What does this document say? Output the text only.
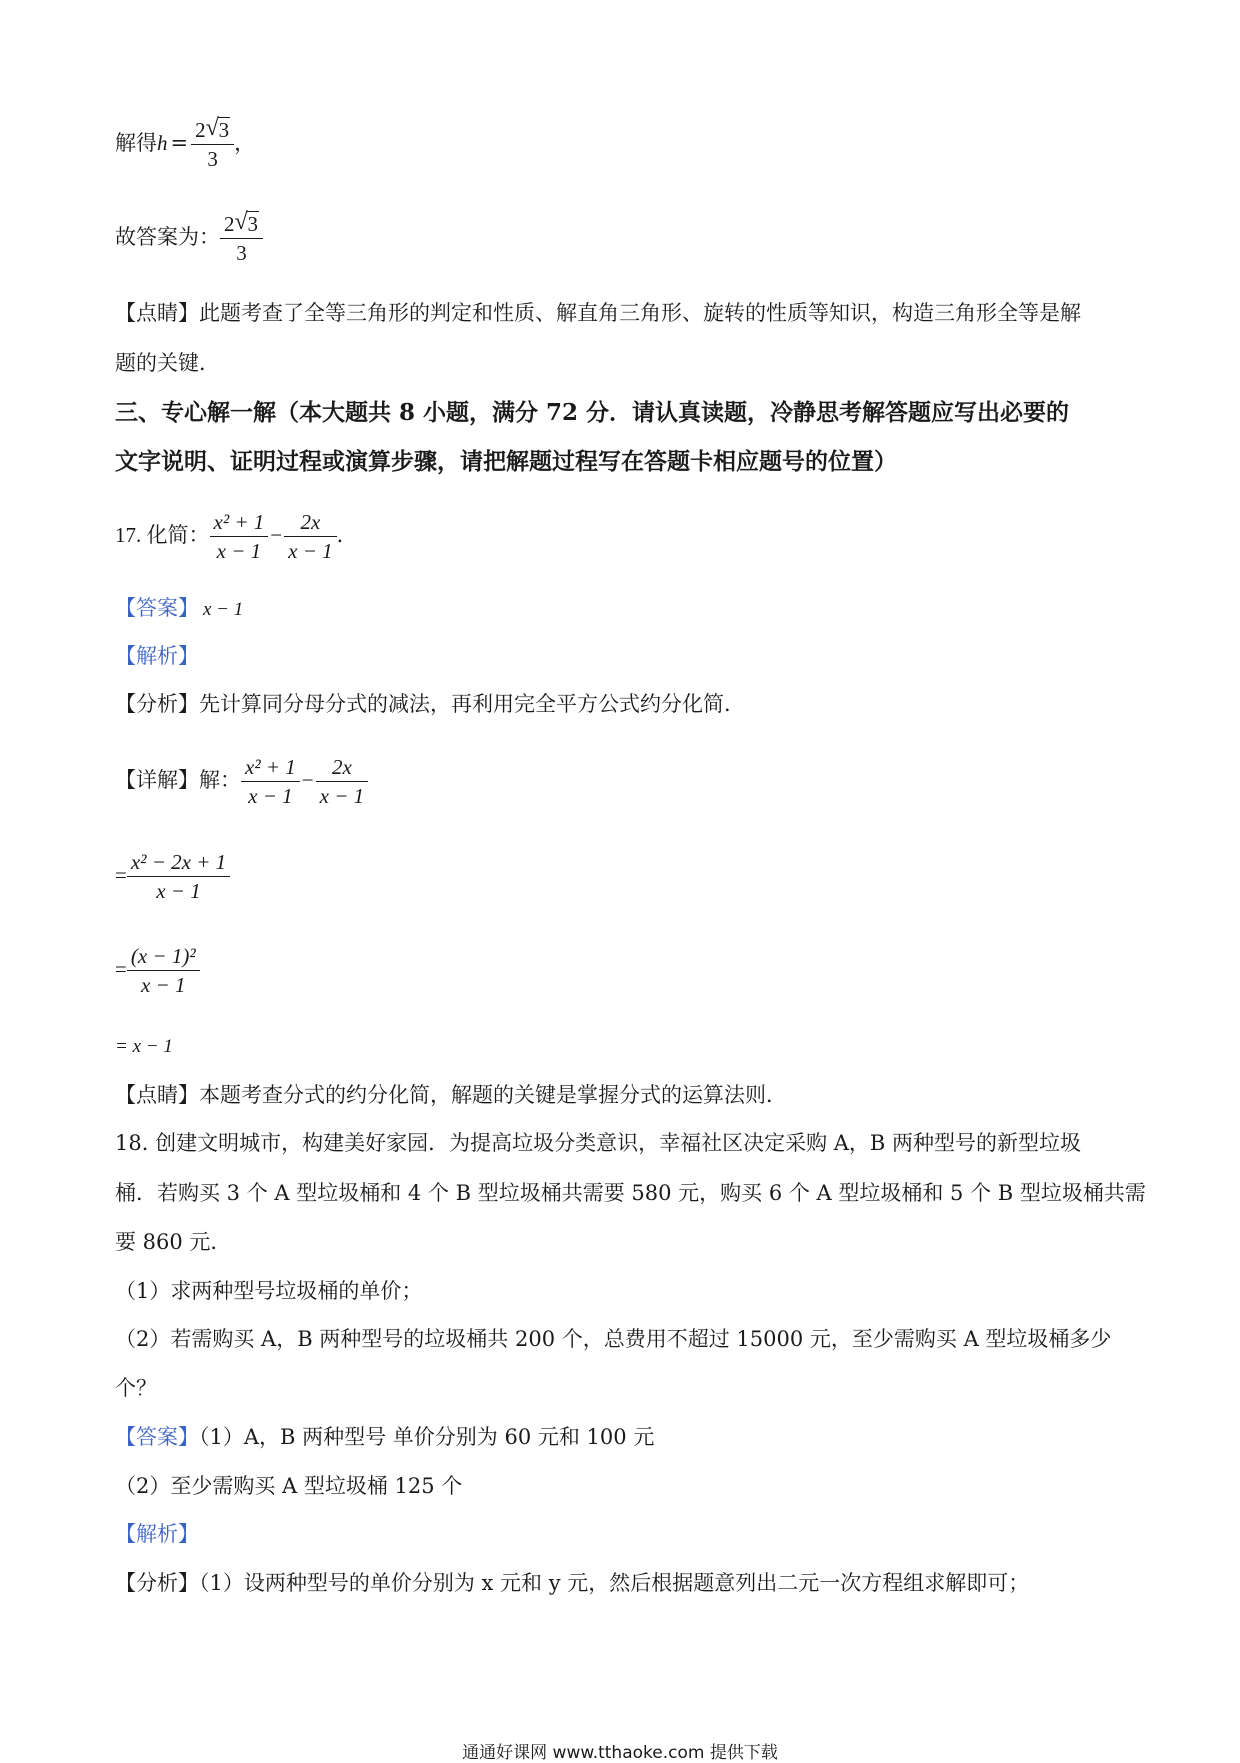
解得$h = \frac{2 √ 3}{3}$ ，
故答案为： $\frac{2 √ 3}{3}$
【点睛】此题考查了全等三角形的判定和性质、解直角三角形、旋转的性质等知识，构造三角形全等是解
题的关键．
三、专心解一解（本大题共 8 小题，满分 72 分．请认真读题，冷静思考解答题应写出必要的
文字说明、证明过程或演算步骤，请把解题过程写在答题卡相应题号的位置）
17. 化简： $\frac{\text{x² + 1}}{x - 1} - \frac{2x}{x - 1}$ ．
【答案】 x − 1
【解析】
【分析】先计算同分母分式的减法，再利用完全平方公式约分化简．
【详解】解： $\frac{\text{x² + 1}}{x - 1} - \frac{2x}{x - 1}$
= $\frac{\text{x² − 2x + 1}}{x - 1}$
= $\frac{\text{(x − 1)²}}{x - 1}$
= x − 1
【点睛】本题考查分式的约分化简，解题的关键是掌握分式的运算法则．
18. 创建文明城市，构建美好家园．为提高垃圾分类意识，幸福社区决定采购 A，B 两种型号的新型垃圾
桶．若购买 3 个 A 型垃圾桶和 4 个 B 型垃圾桶共需要 580 元，购买 6 个 A 型垃圾桶和 5 个 B 型垃圾桶共需
要 860 元．
（1）求两种型号垃圾桶的单价；
（2）若需购买 A，B 两种型号的垃圾桶共 200 个，总费用不超过 15000 元，至少需购买 A 型垃圾桶多少
个？
【答案】（1）A，B 两种型号 单价分别为 60 元和 100 元
（2）至少需购买 A 型垃圾桶 125 个
【解析】
【分析】（1）设两种型号的单价分别为 x 元和 y 元，然后根据题意列出二元一次方程组求解即可；
通通好课网 www.tthaoke.com 提供下载
